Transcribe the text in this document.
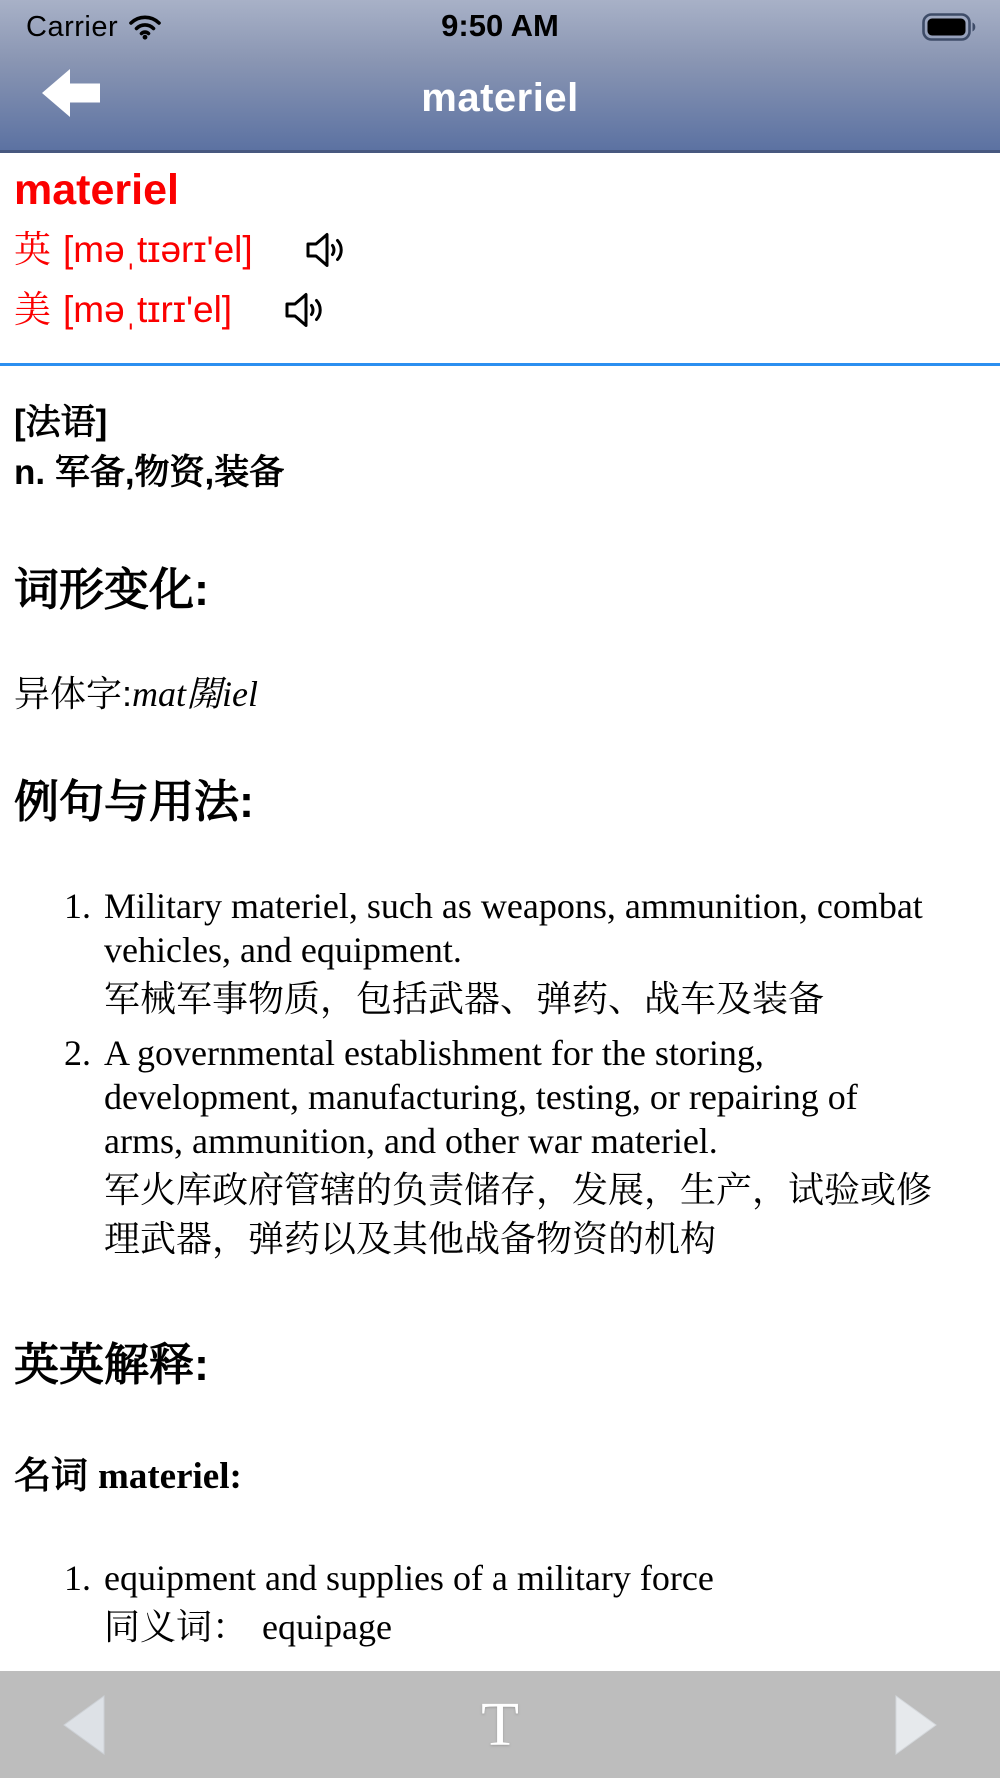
Carrier	9:50 AM
materiel
materiel
英 [məˌtɪərɪ'el]
美 [məˌtɪrɪ'el]
[法语]
n. 军备,物资,装备
词形变化:
异体字:mat閞iel
例句与用法:
1. Military materiel, such as weapons, ammunition, combat vehicles, and equipment.
军械军事物质，包括武器、弹药、战车及装备
2. A governmental establishment for the storing, development, manufacturing, testing, or repairing of arms, ammunition, and other war materiel.
军火库政府管辖的负责储存，发展，生产，试验或修理武器，弹药以及其他战备物资的机构
英英解释:
名词 materiel:
1. equipment and supplies of a military force
同义词： equipage
T
